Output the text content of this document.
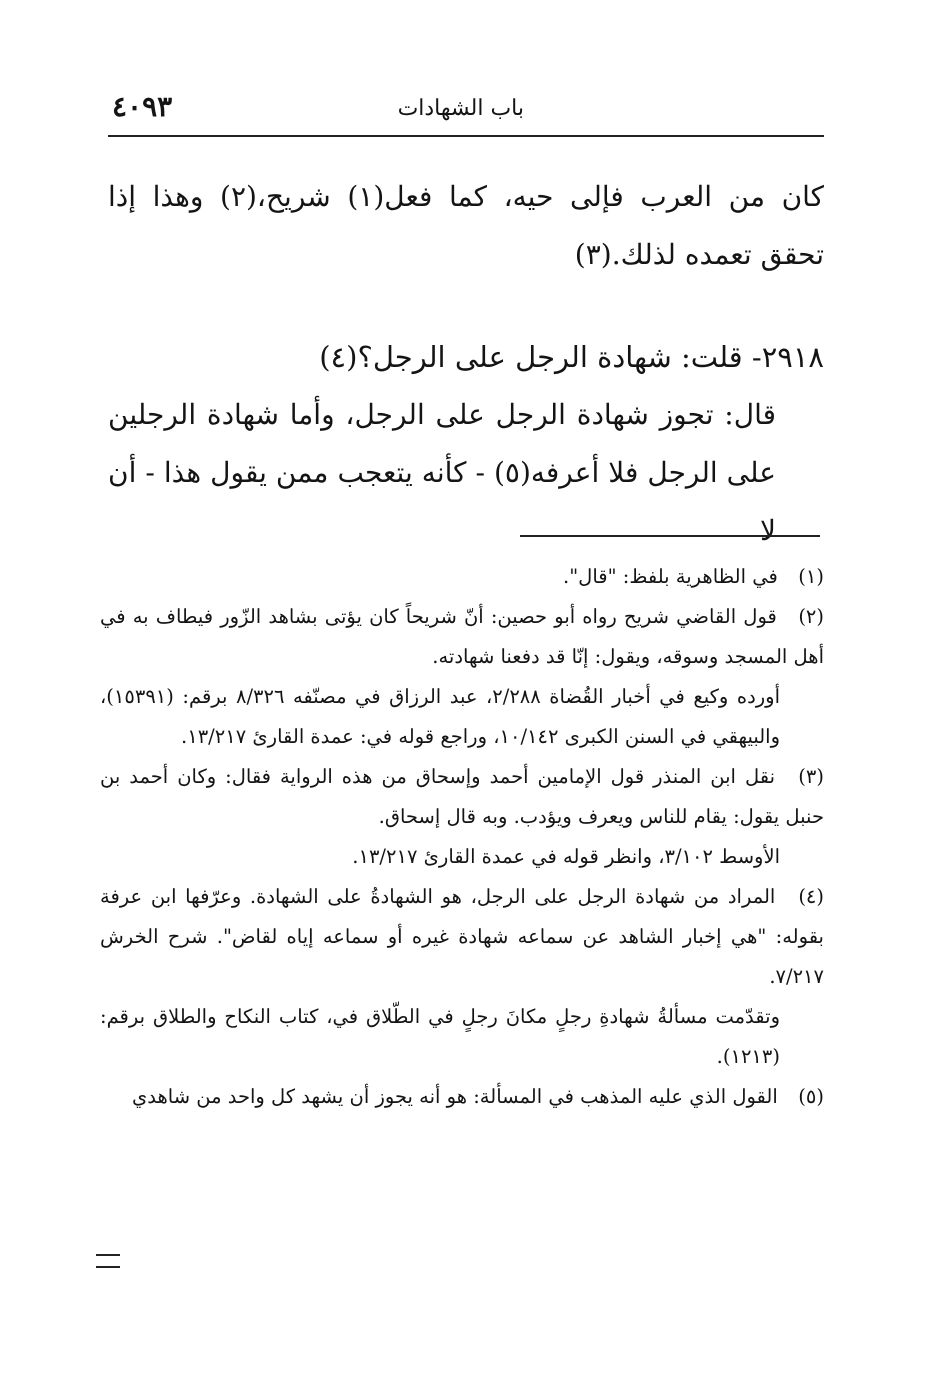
باب الشهادات
٤٠٩٣

كان من العرب فإلى حيه، كما فعل(١) شريح،(٢) وهذا إذا تحقق تعمده لذلك.(٣)

٢٩١٨- قلت: شهادة الرجل على الرجل؟(٤)

قال: تجوز شهادة الرجل على الرجل، وأما شهادة الرجلين على الرجل فلا أعرفه(٥) - كأنه يتعجب ممن يقول هذا - أن لا

(١) في الظاهرية بلفظ: "قال".

(٢) قول القاضي شريح رواه أبو حصين: أنّ شريحاً كان يؤتى بشاهد الزّور فيطاف به في أهل المسجد وسوقه، ويقول: إنّا قد دفعنا شهادته.

أورده وكيع في أخبار القُضاة ٢/٢٨٨، عبد الرزاق في مصنّفه ٨/٣٢٦ برقم: (١٥٣٩١)، والبيهقي في السنن الكبرى ١٠/١٤٢، وراجع قوله في: عمدة القارئ ١٣/٢١٧.

(٣) نقل ابن المنذر قول الإمامين أحمد وإسحاق من هذه الرواية فقال: وكان أحمد بن حنبل يقول: يقام للناس ويعرف ويؤدب. وبه قال إسحاق.

الأوسط ٣/١٠٢، وانظر قوله في عمدة القارئ ١٣/٢١٧.

(٤) المراد من شهادة الرجل على الرجل، هو الشهادةُ على الشهادة. وعرّفها ابن عرفة بقوله: "هي إخبار الشاهد عن سماعه شهادة غيره أو سماعه إياه لقاض". شرح الخرش ٧/٢١٧.

وتقدّمت مسألةُ شهادةِ رجلٍ مكانَ رجلٍ في الطّلاق في، كتاب النكاح والطلاق برقم: (١٢١٣).

(٥) القول الذي عليه المذهب في المسألة: هو أنه يجوز أن يشهد كل واحد من شاهدي
